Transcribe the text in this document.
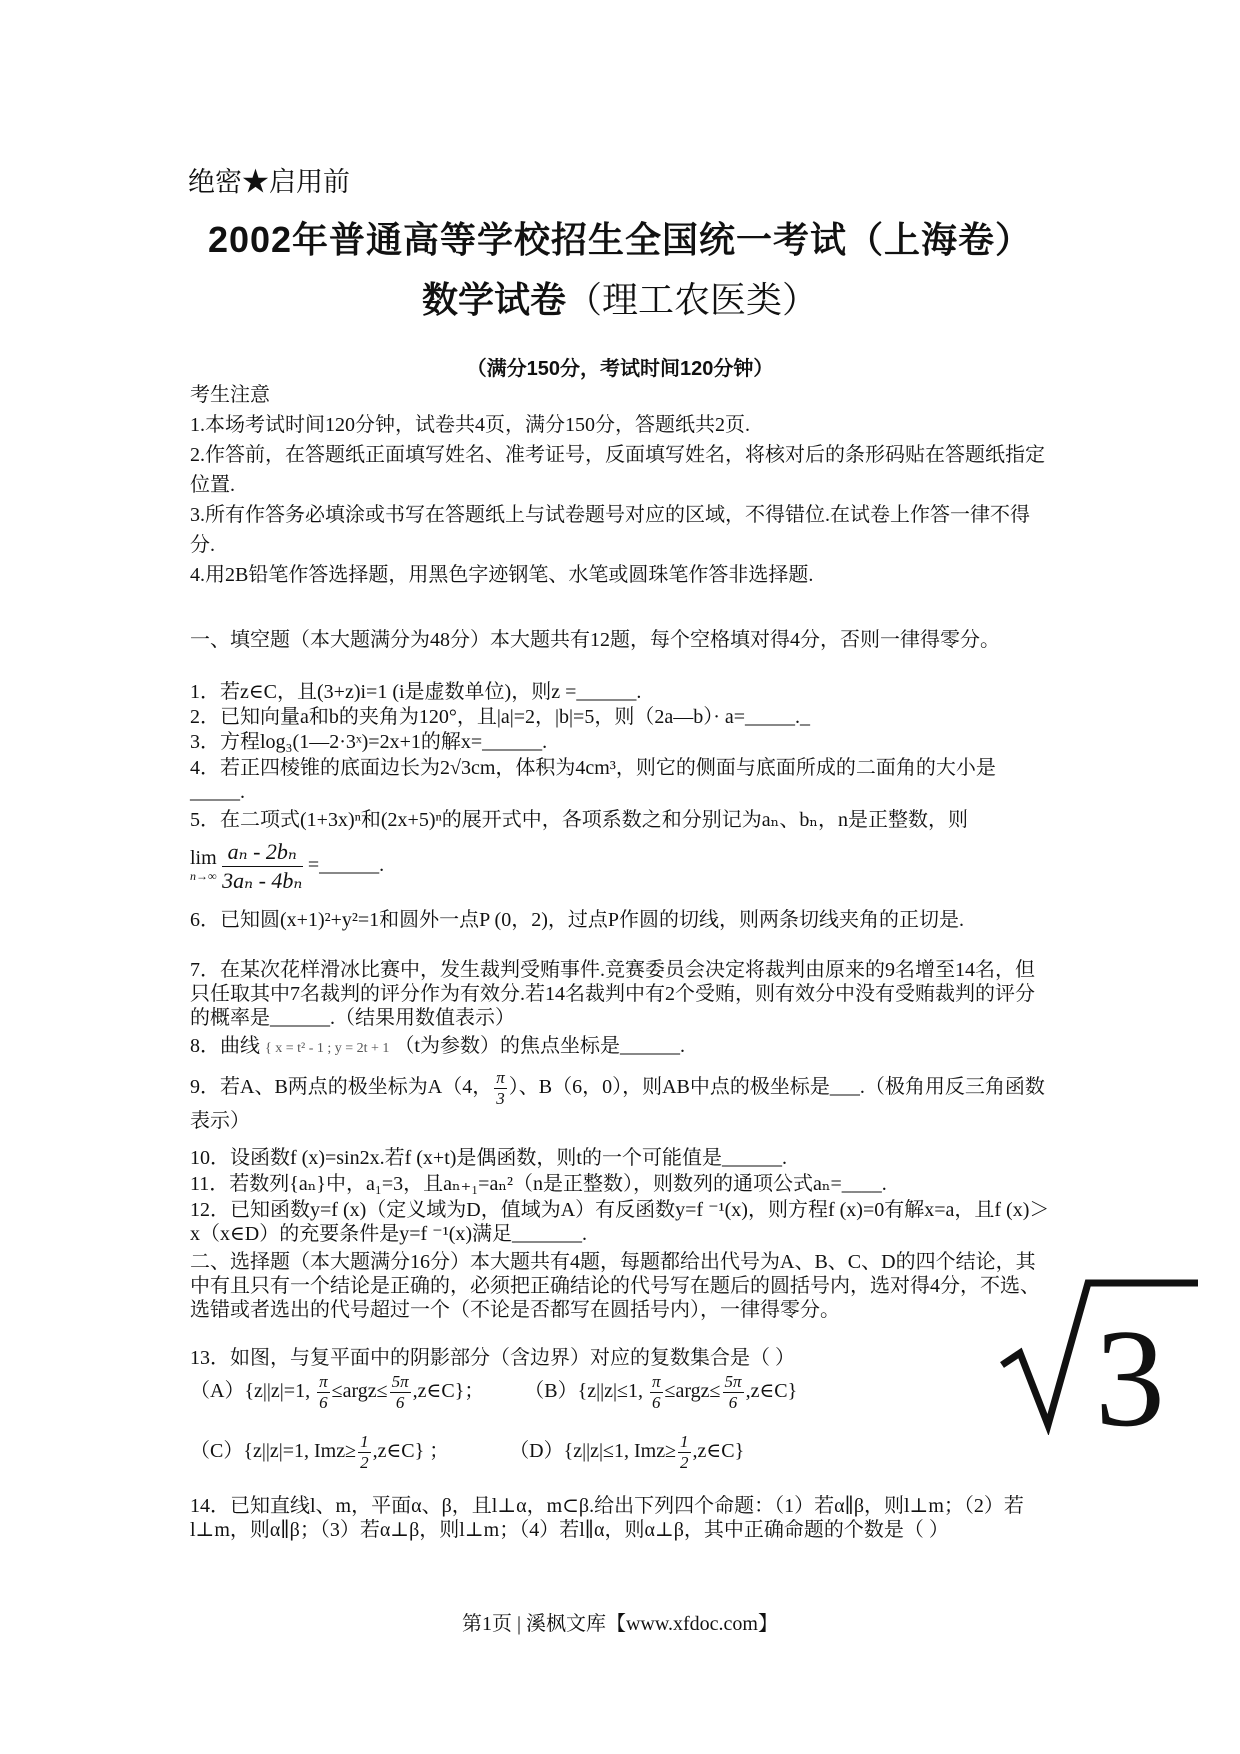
绝密★启用前
2002年普通高等学校招生全国统一考试（上海卷）
数学试卷（理工农医类）
（满分150分，考试时间120分钟）

考生注意

1.本场考试时间120分钟，试卷共4页，满分150分，答题纸共2页.

2.作答前，在答题纸正面填写姓名、准考证号，反面填写姓名，将核对后的条形码贴在答题纸指定位置.

3.所有作答务必填涂或书写在答题纸上与试卷题号对应的区域，不得错位.在试卷上作答一律不得分.

4.用2B铅笔作答选择题，用黑色字迹钢笔、水笔或圆珠笔作答非选择题.

一、填空题（本大题满分为48分）本大题共有12题，每个空格填对得4分，否则一律得零分。

1．若z∈C，且(3+z)i=1 (i是虚数单位)，则z =______.

2．已知向量a和b的夹角为120°，且|a|=2，|b|=5，则（2a—b）· a=_____._

3．方程log₃(1—2·3ˣ)=2x+1的解x=______.

4．若正四棱锥的底面边长为2√3cm，体积为4cm³，则它的侧面与底面所成的二面角的大小是_____.

5．在二项式(1+3x)ⁿ和(2x+5)ⁿ的展开式中，各项系数之和分别记为aₙ、bₙ，n是正整数，则

lim
n→∞
$\frac{\text{aₙ - 2bₙ}}{\text{3aₙ - 4bₙ}}$ =______.

6．已知圆(x+1)²+y²=1和圆外一点P (0，2)，过点P作圆的切线，则两条切线夹角的正切是.

7．在某次花样滑冰比赛中，发生裁判受贿事件.竞赛委员会决定将裁判由原来的9名增至14名，但只任取其中7名裁判的评分作为有效分.若14名裁判中有2个受贿，则有效分中没有受贿裁判的评分的概率是______.（结果用数值表示）

8．曲线 { x = t² - 1 ; y = 2t + 1 （t为参数）的焦点坐标是______.
9．若A、B两点的极坐标为A（4， $\frac{\pi}{3}$ ）、B（6，0），则AB中点的极坐标是___.（极角用反三角函数表示）

10．设函数f (x)=sin2x.若f (x+t)是偶函数，则t的一个可能值是______.

11．若数列{aₙ}中，a₁=3，且aₙ₊₁=aₙ²（n是正整数），则数列的通项公式aₙ=____.

12．已知函数y=f (x)（定义域为D，值域为A）有反函数y=f ⁻¹(x)，则方程f (x)=0有解x=a，且f (x)＞x（x∈D）的充要条件是y=f ⁻¹(x)满足_______.

二、选择题（本大题满分16分）本大题共有4题，每题都给出代号为A、B、C、D的四个结论，其中有且只有一个结论是正确的，必须把正确结论的代号写在题后的圆括号内，选对得4分，不选、选错或者选出的代号超过一个（不论是否都写在圆括号内），一律得零分。

13．如图，与复平面中的阴影部分（含边界）对应的复数集合是（ ）

（A）{z||z|=1, $\frac{\pi}{6}$ ≤argz≤ $\frac{5\pi}{6}$ ,z∈C}； （B）{z||z|≤1, $\frac{\pi}{6}$ ≤argz≤ $\frac{5\pi}{6}$ ,z∈C}
（C）{z||z|=1, $Imz\ge \frac{1}{2}$ ,z∈C} ；	（D）{z||z|≤1, $Imz\ge \frac{1}{2}$ ,z∈C}

14．已知直线l、m，平面α、β，且l⊥α，m⊂β.给出下列四个命题：（1）若α∥β，则l⊥m；（2）若l⊥m，则α∥β；（3）若α⊥β，则l⊥m；（4）若l∥α，则α⊥β，其中正确命题的个数是（ ）

3
第1页 | 溪枫文库【www.xfdoc.com】
